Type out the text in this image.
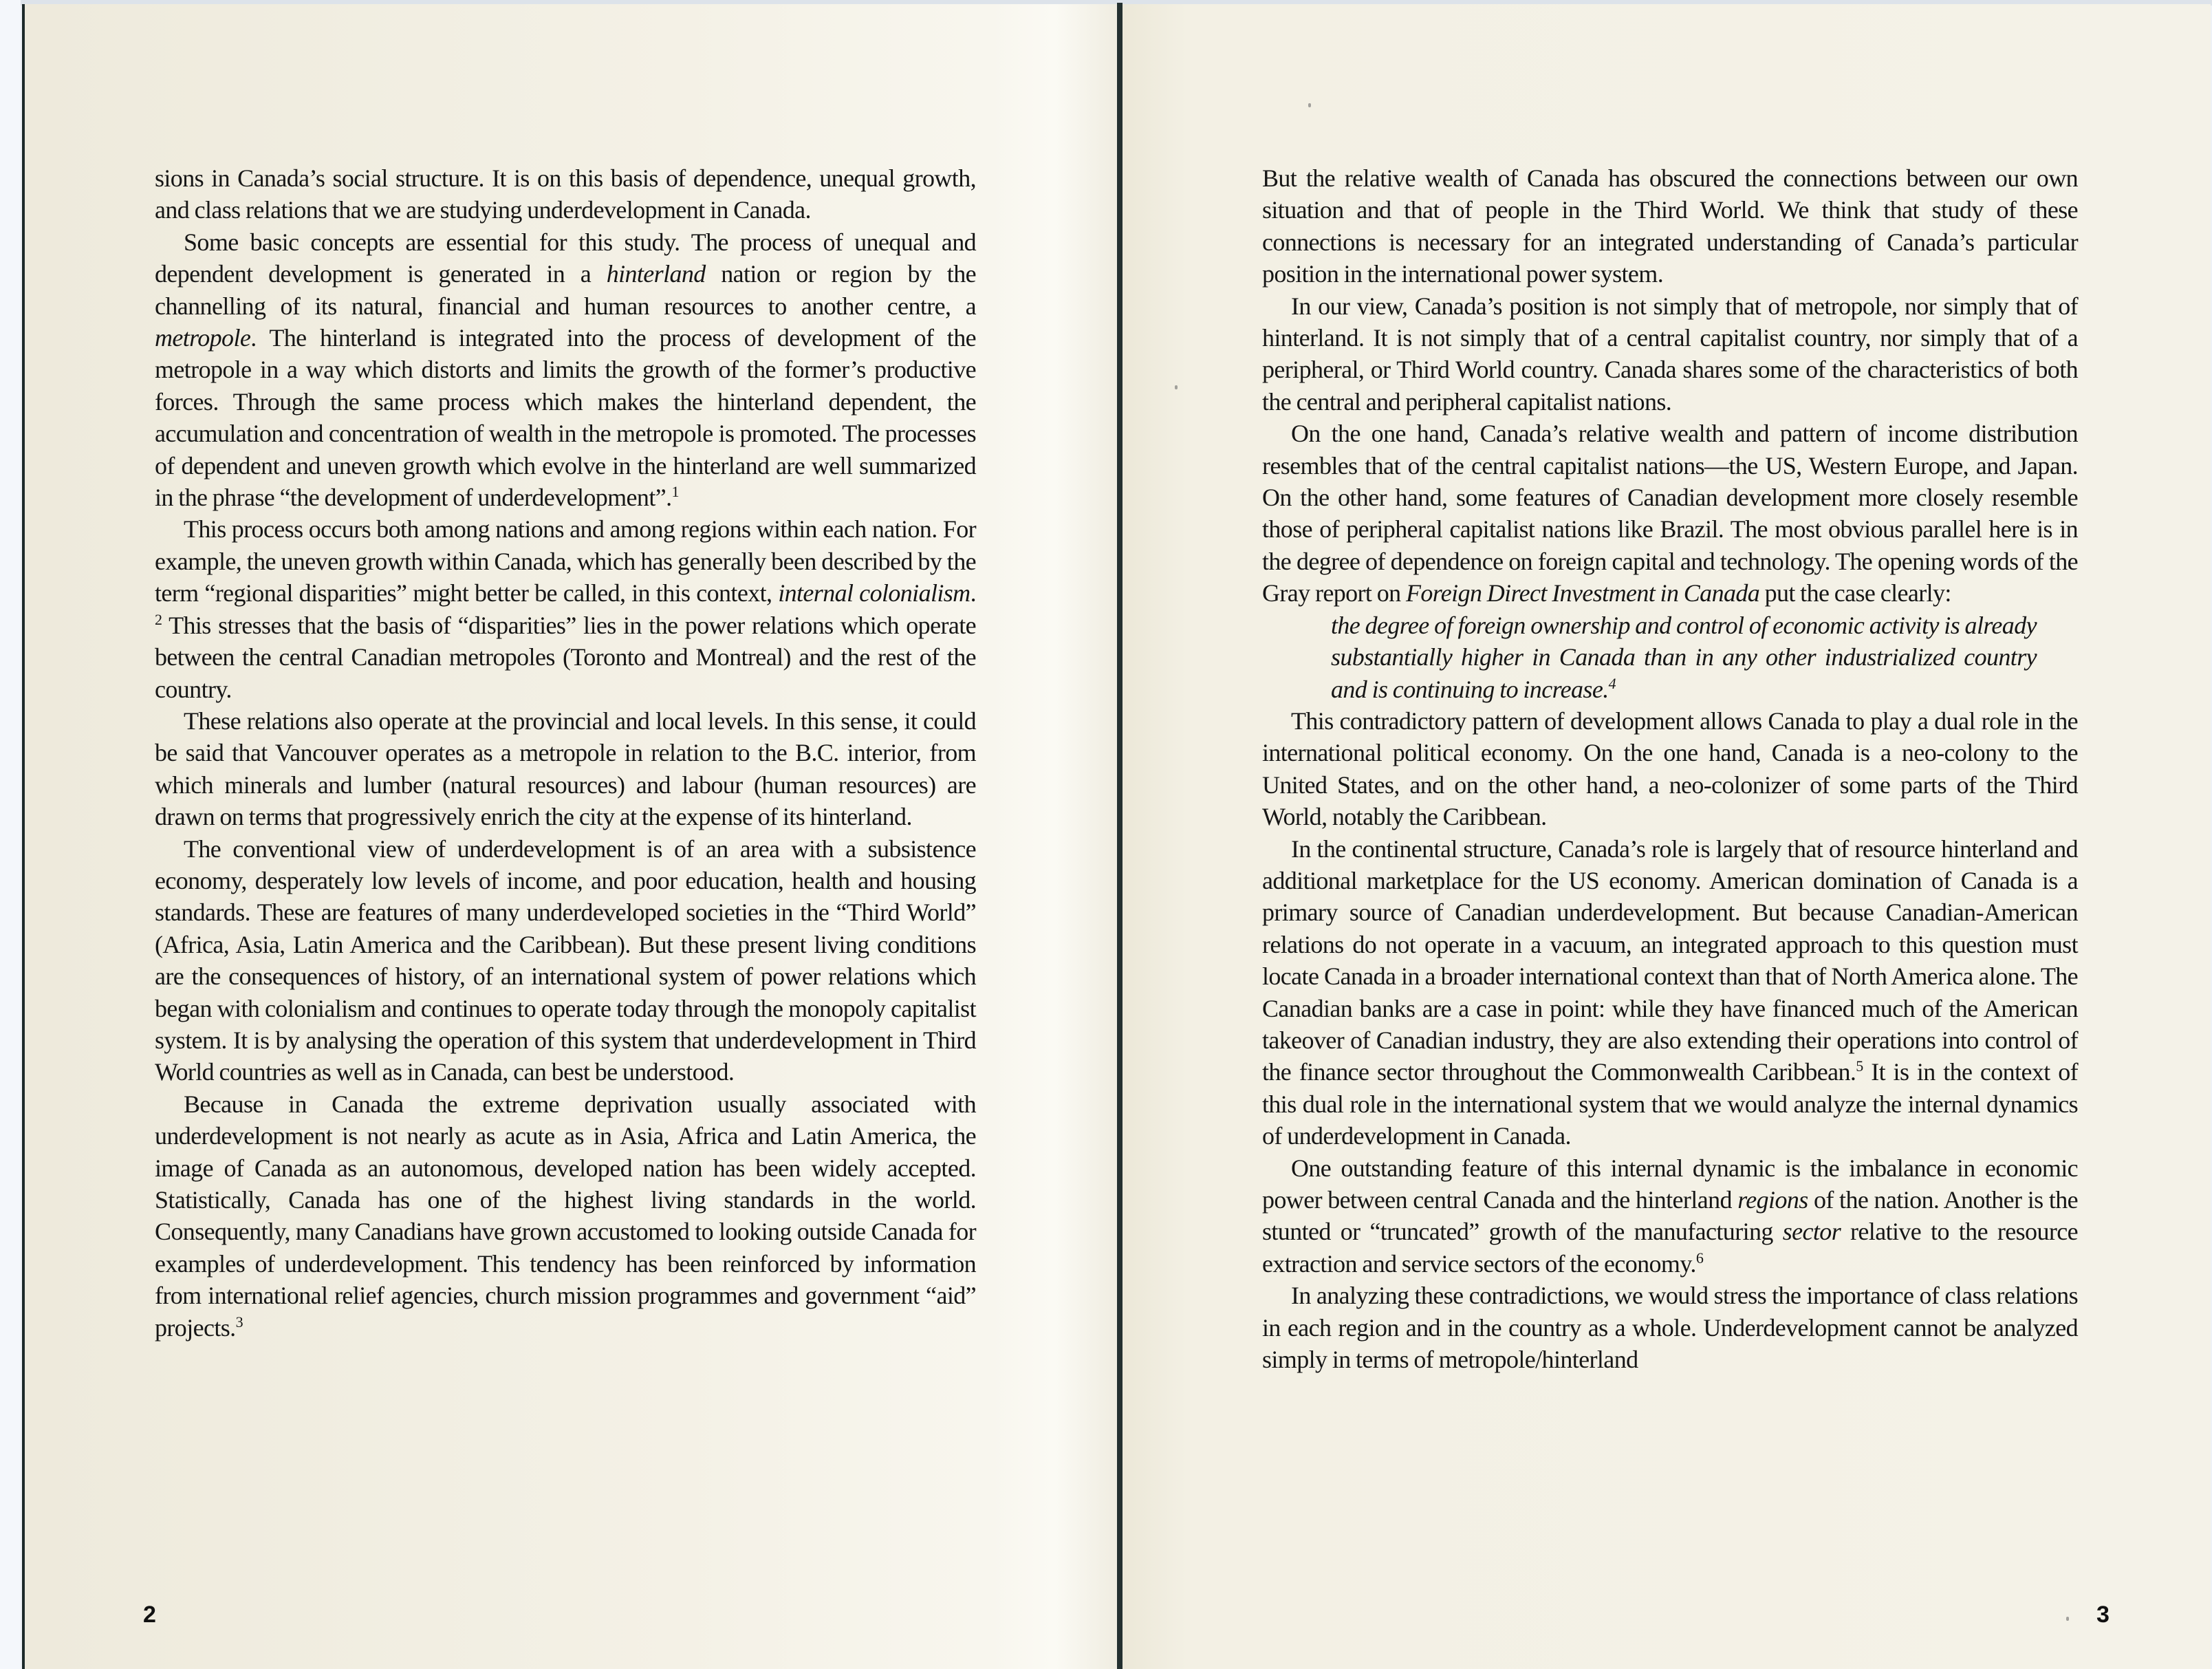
sions in Canada’s social structure. It is on this basis of dependence, unequal growth, and class relations that we are studying underdevelopment in Canada.

Some basic concepts are essential for this study. The process of unequal and dependent development is generated in a hinterland nation or region by the channelling of its natural, financial and human resources to another centre, a metropole. The hinterland is integrated into the process of development of the metropole in a way which distorts and limits the growth of the former’s productive forces. Through the same process which makes the hinterland dependent, the accumulation and concentration of wealth in the metropole is promoted. The processes of dependent and uneven growth which evolve in the hinterland are well summarized in the phrase “the development of underdevelopment”.$^1$

This process occurs both among nations and among regions within each nation. For example, the uneven growth within Canada, which has generally been described by the term “regional disparities” might better be called, in this context, internal colonialism. $^2$ This stresses that the basis of “disparities” lies in the power relations which operate between the central Canadian metropoles (Toronto and Montreal) and the rest of the country.

These relations also operate at the provincial and local levels. In this sense, it could be said that Vancouver operates as a metropole in relation to the B.C. interior, from which minerals and lumber (natural resources) and labour (human resources) are drawn on terms that progressively enrich the city at the expense of its hinterland.

The conventional view of underdevelopment is of an area with a subsistence economy, desperately low levels of income, and poor education, health and housing standards. These are features of many underdeveloped societies in the “Third World” (Africa, Asia, Latin America and the Caribbean). But these present living conditions are the consequences of history, of an international system of power relations which began with colonialism and continues to operate today through the monopoly capitalist system. It is by analysing the operation of this system that underdevelopment in Third World countries as well as in Canada, can best be understood.

Because in Canada the extreme deprivation usually associated with underdevelopment is not nearly as acute as in Asia, Africa and Latin America, the image of Canada as an autonomous, developed nation has been widely accepted. Statistically, Canada has one of the highest living standards in the world. Consequently, many Canadians have grown accustomed to looking outside Canada for examples of underdevelopment. This tendency has been reinforced by information from international relief agencies, church mission programmes and government “aid” projects.$^3$

But the relative wealth of Canada has obscured the connections between our own situation and that of people in the Third World. We think that study of these connections is necessary for an integrated understanding of Canada’s particular position in the international power system.

In our view, Canada’s position is not simply that of metropole, nor simply that of hinterland. It is not simply that of a central capitalist country, nor simply that of a peripheral, or Third World country. Canada shares some of the characteristics of both the central and peripheral capitalist nations.

On the one hand, Canada’s relative wealth and pattern of income distribution resembles that of the central capitalist nations—the US, Western Europe, and Japan. On the other hand, some features of Canadian development more closely resemble those of peripheral capitalist nations like Brazil. The most obvious parallel here is in the degree of dependence on foreign capital and technology. The opening words of the Gray report on Foreign Direct Investment in Canada put the case clearly:

the degree of foreign ownership and control of economic activity is already substantially higher in Canada than in any other industrialized country and is continuing to increase.$^4$

This contradictory pattern of development allows Canada to play a dual role in the international political economy. On the one hand, Canada is a neo-colony to the United States, and on the other hand, a neo-colonizer of some parts of the Third World, notably the Caribbean.

In the continental structure, Canada’s role is largely that of resource hinterland and additional marketplace for the US economy. American domination of Canada is a primary source of Canadian underdevelopment. But because Canadian-American relations do not operate in a vacuum, an integrated approach to this question must locate Canada in a broader international context than that of North America alone. The Canadian banks are a case in point: while they have financed much of the American takeover of Canadian industry, they are also extending their operations into control of the finance sector throughout the Commonwealth Caribbean.$^5$ It is in the context of this dual role in the international system that we would analyze the internal dynamics of underdevelopment in Canada.

One outstanding feature of this internal dynamic is the imbalance in economic power between central Canada and the hinterland regions of the nation. Another is the stunted or “truncated” growth of the manufacturing sector relative to the resource extraction and service sectors of the economy.$^6$

In analyzing these contradictions, we would stress the importance of class relations in each region and in the country as a whole. Underdevelopment cannot be analyzed simply in terms of metropole/hinterland

2	3
